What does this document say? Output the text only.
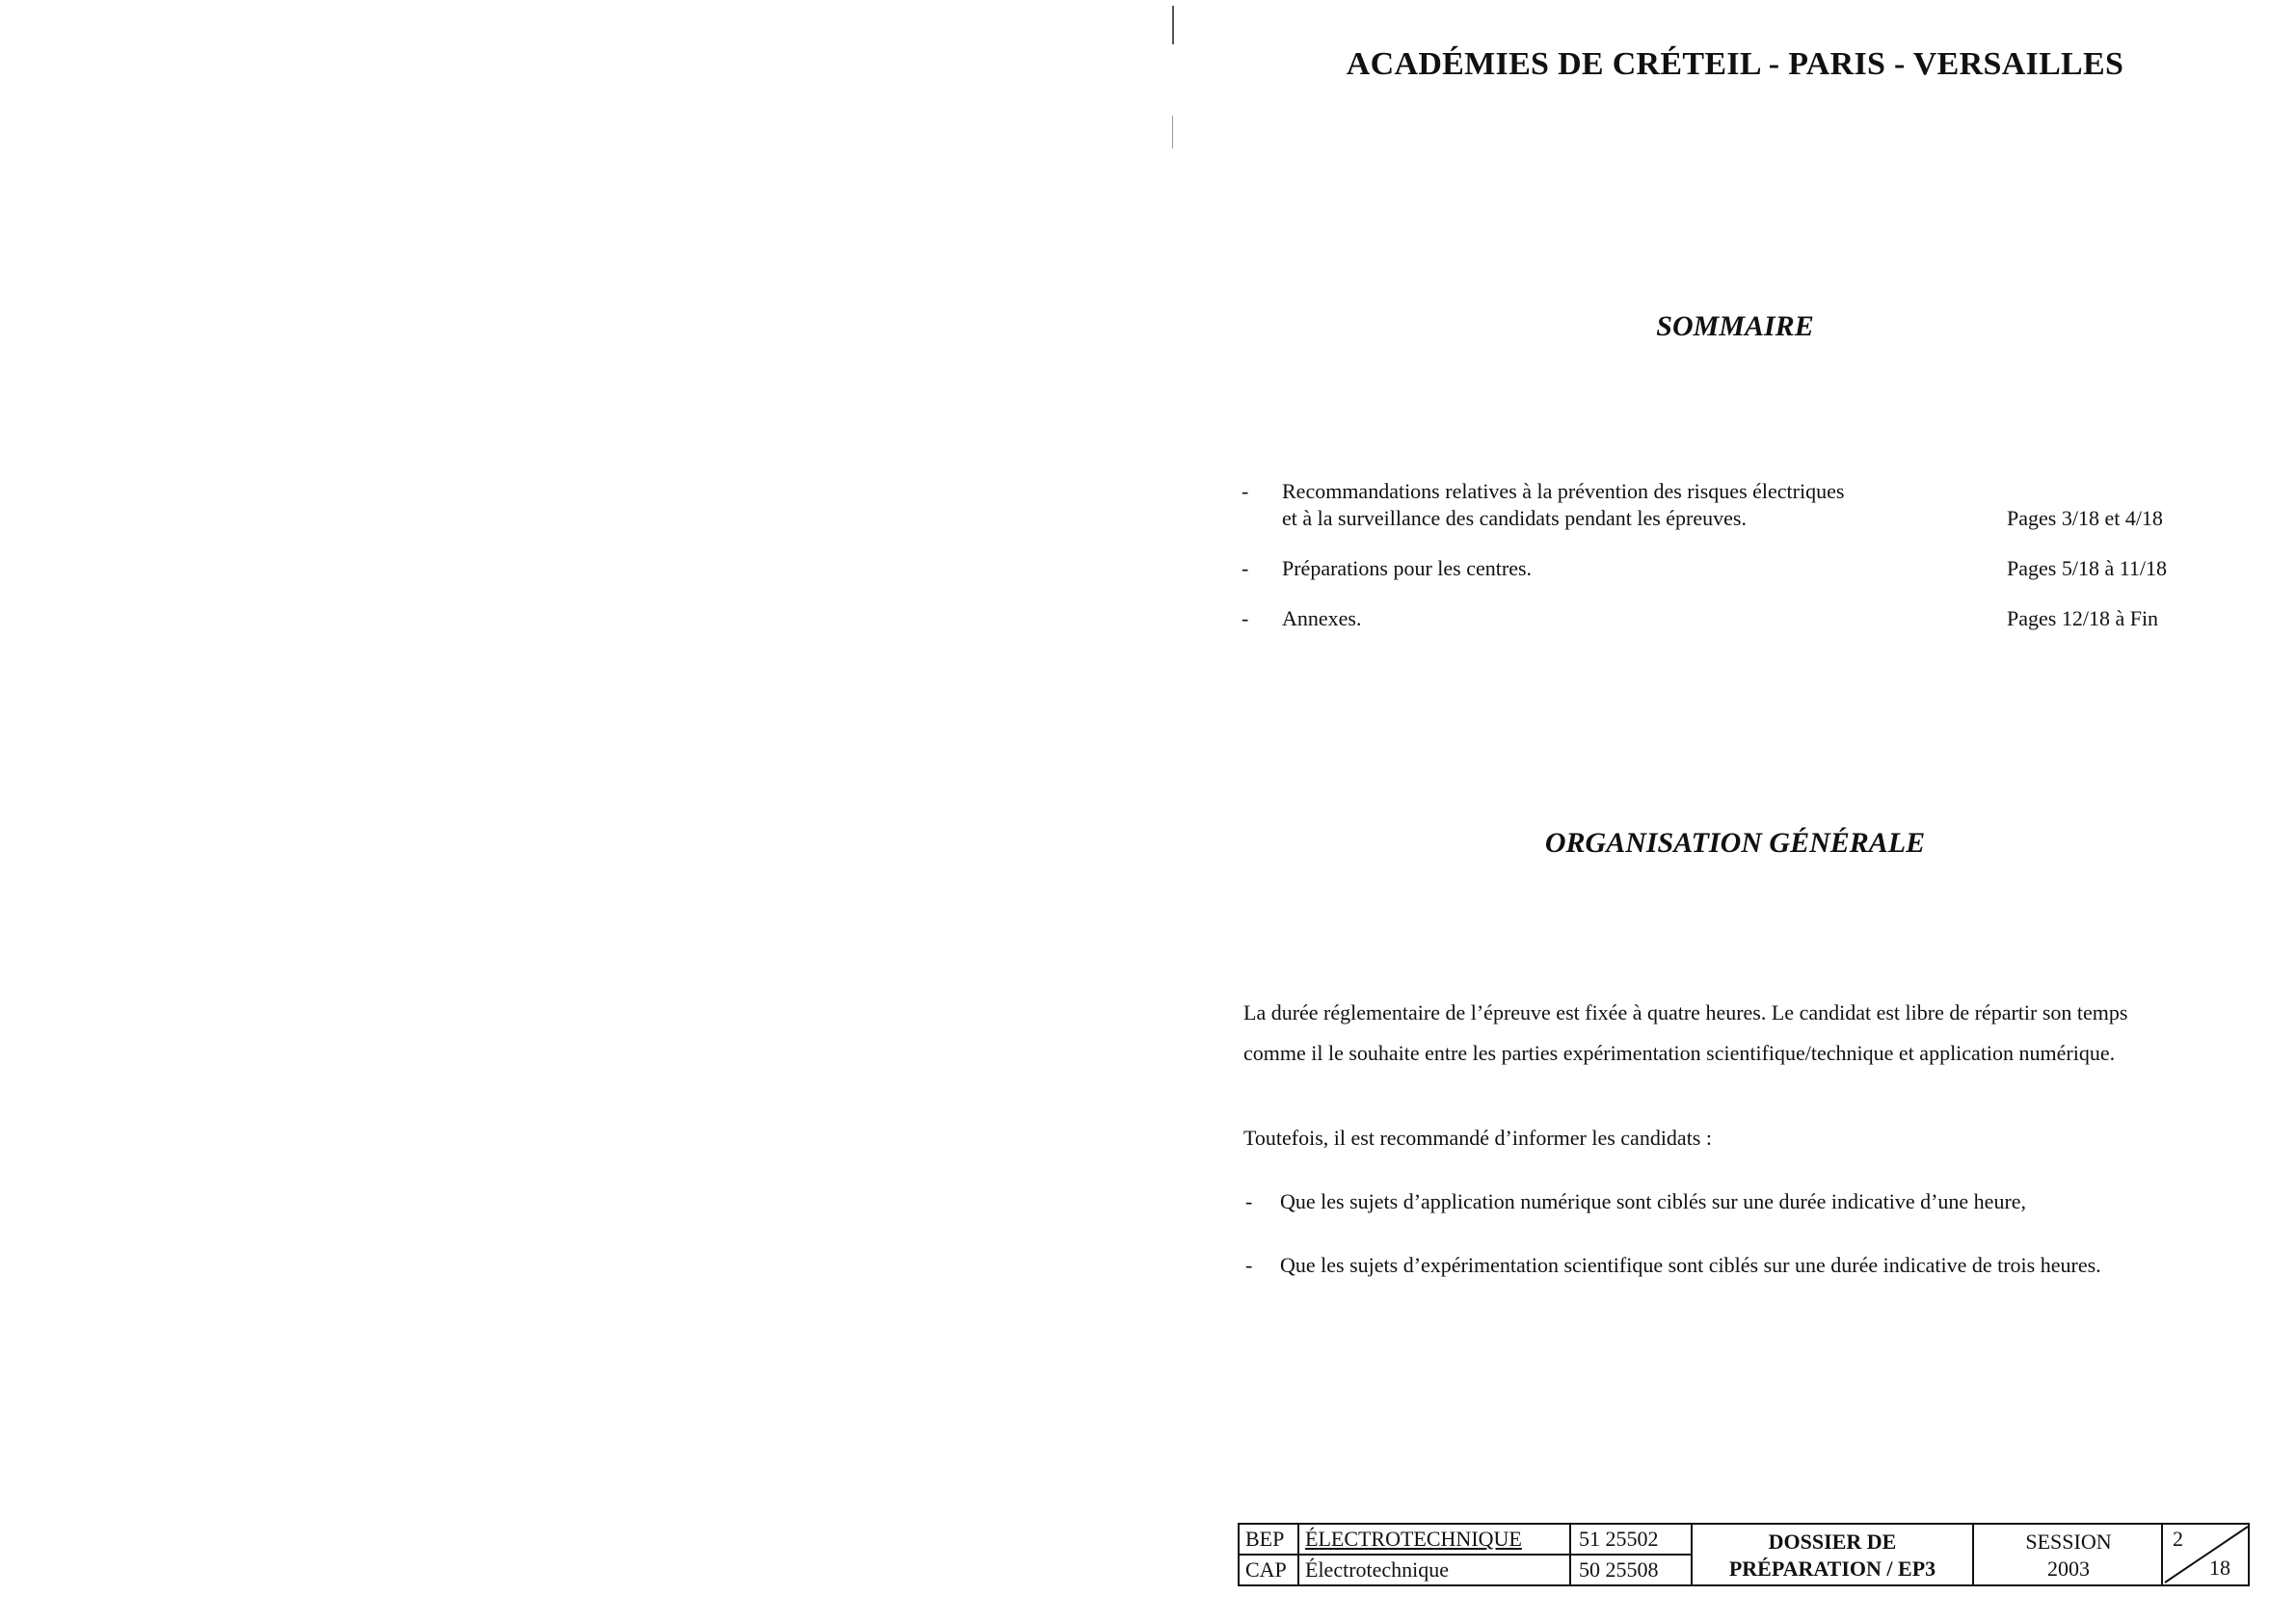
ACADÉMIES DE CRÉTEIL - PARIS - VERSAILLES
SOMMAIRE
- Recommandations relatives à la prévention des risques électriques
et à la surveillance des candidats pendant les épreuves.	Pages 3/18 et 4/18
- Préparations pour les centres.	Pages 5/18 à 11/18
- Annexes.	Pages 12/18 à Fin
ORGANISATION GÉNÉRALE
La durée réglementaire de l’épreuve est fixée à quatre heures. Le candidat est libre de répartir son temps
comme il le souhaite entre les parties expérimentation scientifique/technique et application numérique.
Toutefois, il est recommandé d’informer les candidats :
- Que les sujets d’application numérique sont ciblés sur une durée indicative d’une heure,
- Que les sujets d’expérimentation scientifique sont ciblés sur une durée indicative de trois heures.
BEP ÉLECTROTECHNIQUE	51 25502
CAP Électrotechnique	50 25508
DOSSIER DE
PRÉPARATION / EP3
SESSION
2003
2
18
